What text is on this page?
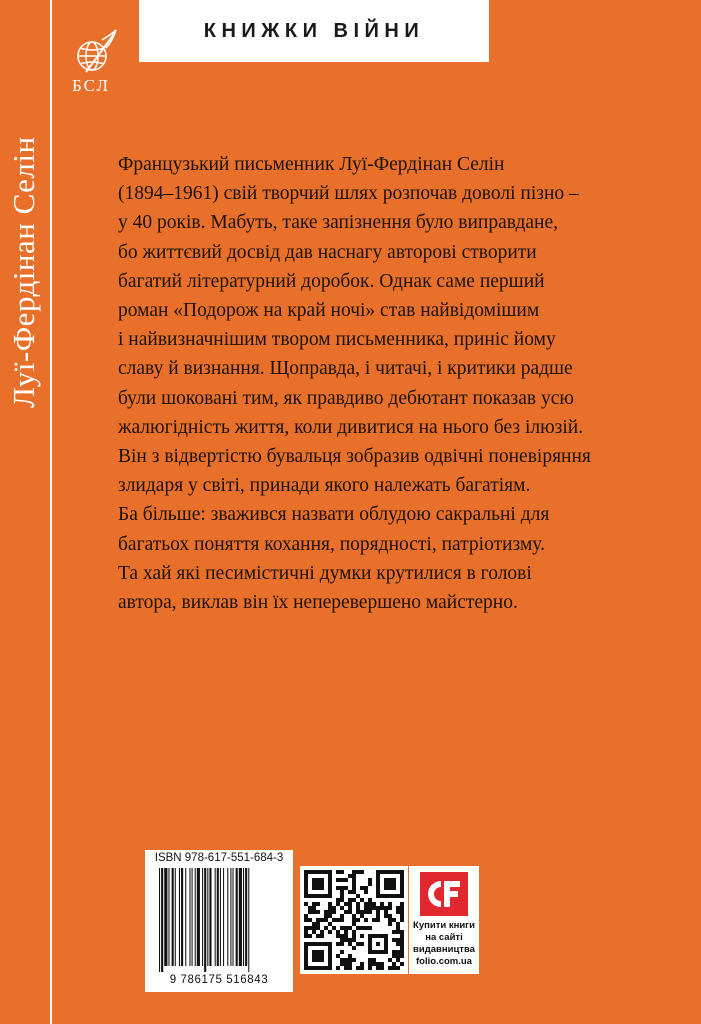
Луї-Фердінан Селін
БСЛ
КНИЖКИ ВІЙНИ
Французький письменник Луї-Фердінан Селін
(1894–1961) свій творчий шлях розпочав доволі пізно –
у 40 років. Мабуть, таке запізнення було виправдане,
бо життєвий досвід дав наснагу авторові створити
багатий літературний доробок. Однак саме перший
роман «Подорож на край ночі» став найвідомішим
і найвизначнішим твором письменника, приніс йому
славу й визнання. Щоправда, і читачі, і критики радше
були шоковані тим, як правдиво дебютант показав усю
жалюгідність життя, коли дивитися на нього без ілюзій.
Він з відвертістю бувальця зобразив одвічні поневіряння
злидаря у світі, принади якого належать багатіям.
Ба більше: зважився назвати облудою сакральні для
багатьох поняття кохання, порядності, патріотизму.
Та хай які песимістичні думки крутилися в голові
автора, виклав він їх неперевершено майстерно.
ISBN 978-617-551-684-3
9 786175 516843
Купити книги
на сайті
видавництва
folio.com.ua
